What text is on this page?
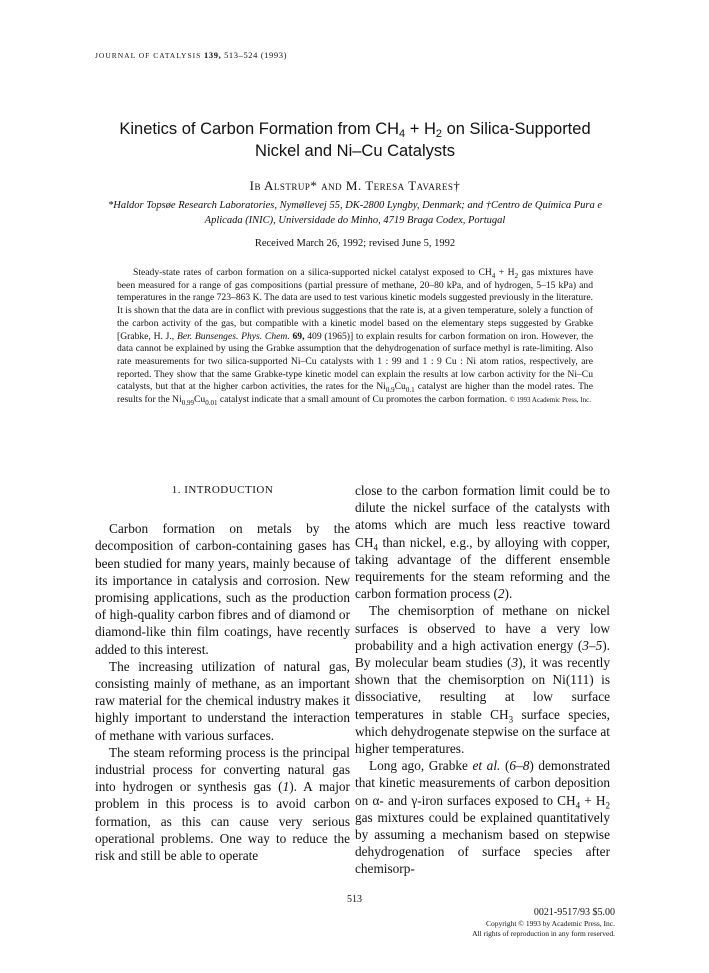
JOURNAL OF CATALYSIS 139, 513–524 (1993)
Kinetics of Carbon Formation from $CH_4 + H_2$ on Silica-Supported
Nickel and Ni–Cu Catalysts
Ib Alstrup* and M. Teresa Tavares†
*Haldor Topsøe Research Laboratories, Nymøllevej 55, DK-2800 Lyngby, Denmark; and †Centro de Química Pura e Aplicada (INIC), Universidade do Minho, 4719 Braga Codex, Portugal
Received March 26, 1992; revised June 5, 1992
Steady-state rates of carbon formation on a silica-supported nickel catalyst exposed to $CH_4 + H_2$ gas mixtures have been measured for a range of gas compositions (partial pressure of methane, 20–80 kPa, and of hydrogen, 5–15 kPa) and temperatures in the range 723–863 K. The data are used to test various kinetic models suggested previously in the literature. It is shown that the data are in conflict with previous suggestions that the rate is, at a given temperature, solely a function of the carbon activity of the gas, but compatible with a kinetic model based on the elementary steps suggested by Grabke [Grabke, H. J., Ber. Bunsenges. Phys. Chem. 69, 409 (1965)] to explain results for carbon formation on iron. However, the data cannot be explained by using the Grabke assumption that the dehydrogenation of surface methyl is rate-limiting. Also rate measurements for two silica-supported Ni–Cu catalysts with 1 : 99 and 1 : 9 Cu : Ni atom ratios, respectively, are reported. They show that the same Grabke-type kinetic model can explain the results at low carbon activity for the Ni–Cu catalysts, but that at the higher carbon activities, the rates for the $Ni_{0.9}Cu_{0.1}$ catalyst are higher than the model rates. The results for the $Ni_{0.99}Cu_{0.01}$ catalyst indicate that a small amount of Cu promotes the carbon formation. © 1993 Academic Press, Inc.

1. INTRODUCTION

Carbon formation on metals by the decomposition of carbon-containing gases has been studied for many years, mainly because of its importance in catalysis and corrosion. New promising applications, such as the production of high-quality carbon fibres and of diamond or diamond-like thin film coatings, have recently added to this interest.

The increasing utilization of natural gas, consisting mainly of methane, as an important raw material for the chemical industry makes it highly important to understand the interaction of methane with various surfaces.

The steam reforming process is the principal industrial process for converting natural gas into hydrogen or synthesis gas (1). A major problem in this process is to avoid carbon formation, as this can cause very serious operational problems. One way to reduce the risk and still be able to operate

close to the carbon formation limit could be to dilute the nickel surface of the catalysts with atoms which are much less reactive toward $CH_4$ than nickel, e.g., by alloying with copper, taking advantage of the different ensemble requirements for the steam reforming and the carbon formation process (2).

The chemisorption of methane on nickel surfaces is observed to have a very low probability and a high activation energy (3–5). By molecular beam studies (3), it was recently shown that the chemisorption on Ni(111) is dissociative, resulting at low surface temperatures in stable $CH_3$ surface species, which dehydrogenate stepwise on the surface at higher temperatures.

Long ago, Grabke et al. (6–8) demonstrated that kinetic measurements of carbon deposition on α- and γ-iron surfaces exposed to $CH_4 + H_2$ gas mixtures could be explained quantitatively by assuming a mechanism based on stepwise dehydrogenation of surface species after chemisorp-

513
0021-9517/93 $5.00
Copyright © 1993 by Academic Press, Inc.
All rights of reproduction in any form reserved.
